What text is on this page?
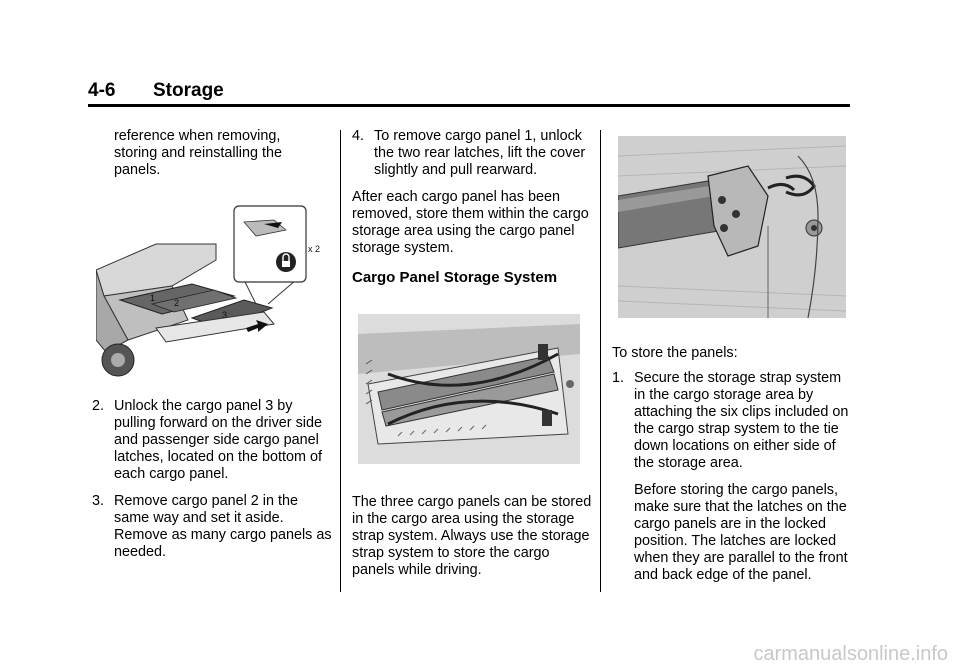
4-6 Storage

reference when removing, storing and reinstalling the panels.

1 2
3
x 2
2. Unlock the cargo panel 3 by pulling forward on the driver side and passenger side cargo panel latches, located on the bottom of each cargo panel.

3. Remove cargo panel 2 in the same way and set it aside. Remove as many cargo panels as needed.

4. To remove cargo panel 1, unlock the two rear latches, lift the cover slightly and pull rearward.

After each cargo panel has been removed, store them within the cargo storage area using the cargo panel storage system.

Cargo Panel Storage System

The three cargo panels can be stored in the cargo area using the storage strap system. Always use the storage strap system to store the cargo panels while driving.

To store the panels:

1. Secure the storage strap system in the cargo storage area by attaching the six clips included on the cargo strap system to the tie down locations on either side of the storage area.

Before storing the cargo panels, make sure that the latches on the cargo panels are in the locked position. The latches are locked when they are parallel to the front and back edge of the panel.

carmanualsonline.info
